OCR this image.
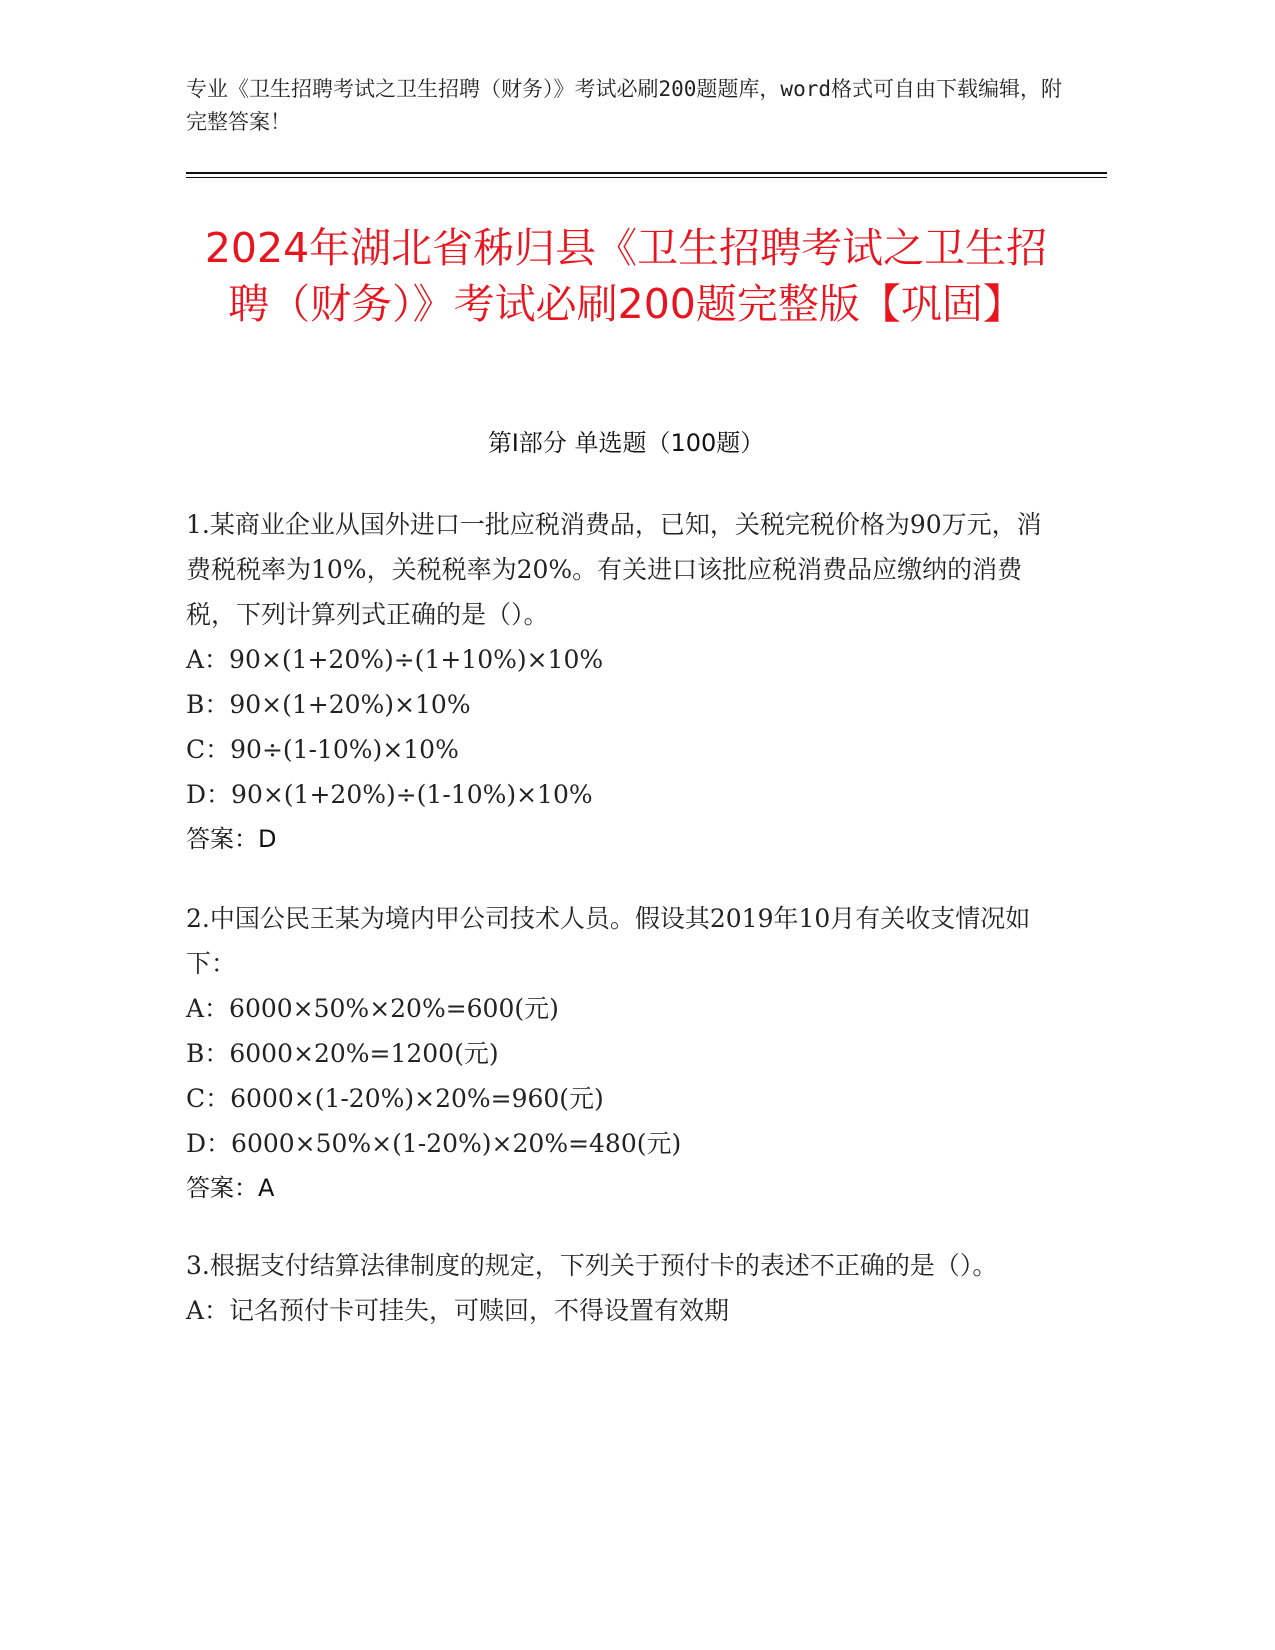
专业《卫生招聘考试之卫生招聘（财务）》考试必刷200题题库，word格式可自由下载编辑，附完整答案！
2024年湖北省秭归县《卫生招聘考试之卫生招聘（财务）》考试必刷200题完整版【巩固】
第I部分 单选题（100题）

1.某商业企业从国外进口一批应税消费品，已知，关税完税价格为90万元，消费税税率为10%，关税税率为20%。有关进口该批应税消费品应缴纳的消费税，下列计算列式正确的是（）。

A：90×(1+20%)÷(1+10%)×10%

B：90×(1+20%)×10%

C：90÷(1-10%)×10%

D：90×(1+20%)÷(1-10%)×10%

答案：D

2.中国公民王某为境内甲公司技术人员。假设其2019年10月有关收支情况如下：

A：6000×50%×20%=600(元)

B：6000×20%=1200(元)

C：6000×(1-20%)×20%=960(元)

D：6000×50%×(1-20%)×20%=480(元)

答案：A

3.根据支付结算法律制度的规定，下列关于预付卡的表述不正确的是（）。

A：记名预付卡可挂失，可赎回，不得设置有效期
